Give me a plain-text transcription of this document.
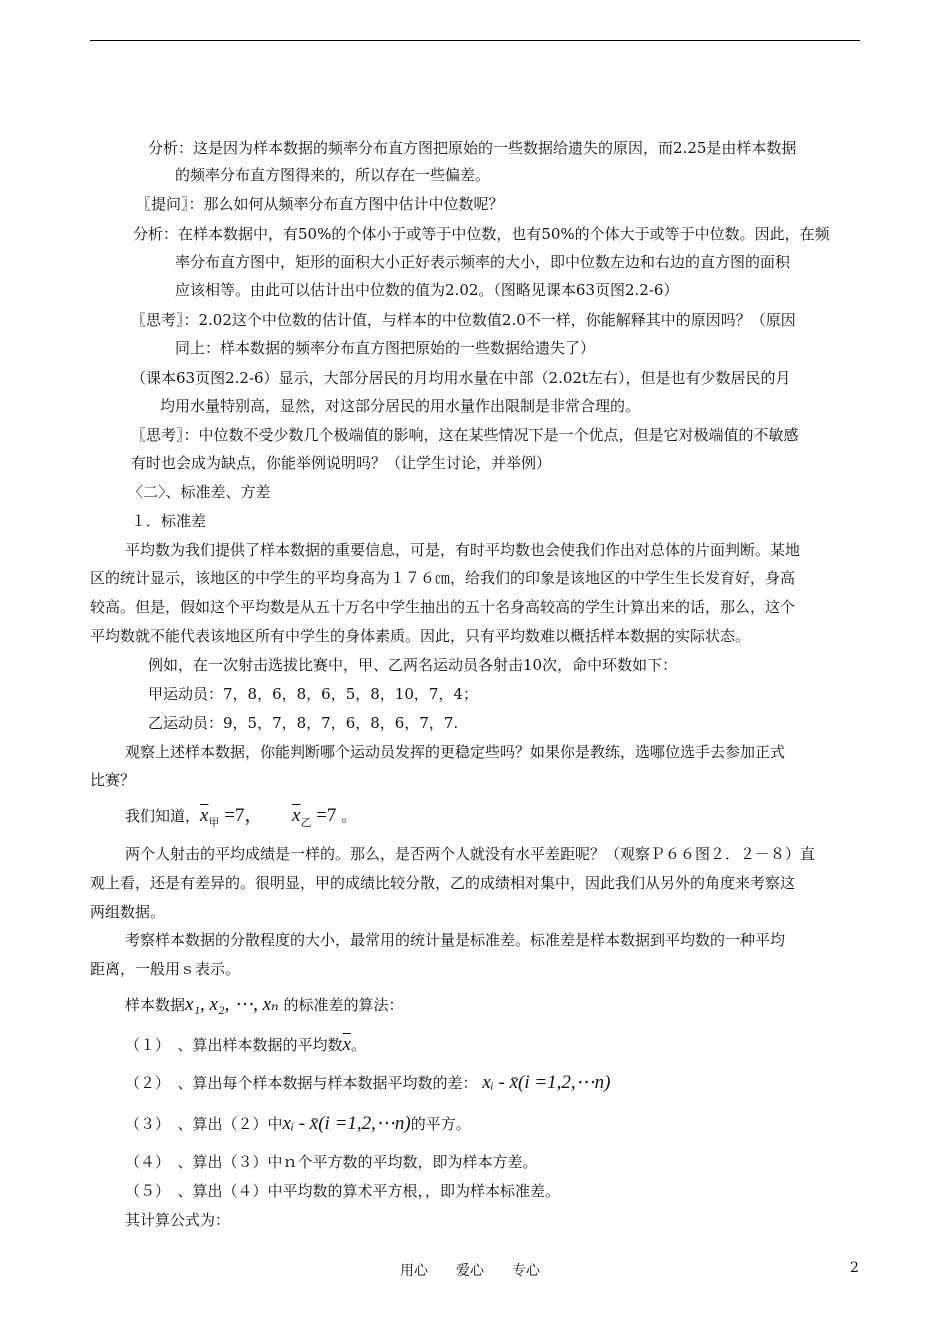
分析：这是因为样本数据的频率分布直方图把原始的一些数据给遗失的原因，而2.25是由样本数据
的频率分布直方图得来的，所以存在一些偏差。
〖提问〗：那么如何从频率分布直方图中估计中位数呢？
分析：在样本数据中，有50%的个体小于或等于中位数，也有50%的个体大于或等于中位数。因此，在频
率分布直方图中，矩形的面积大小正好表示频率的大小，即中位数左边和右边的直方图的面积
应该相等。由此可以估计出中位数的值为2.02。（图略见课本63页图2.2-6）
〖思考〗：2.02这个中位数的估计值，与样本的中位数值2.0不一样，你能解释其中的原因吗？（原因
同上：样本数据的频率分布直方图把原始的一些数据给遗失了）
（课本63页图2.2-6）显示，大部分居民的月均用水量在中部（2.02t左右），但是也有少数居民的月
均用水量特别高，显然，对这部分居民的用水量作出限制是非常合理的。
〖思考〗：中位数不受少数几个极端值的影响，这在某些情况下是一个优点，但是它对极端值的不敏感
有时也会成为缺点，你能举例说明吗？（让学生讨论，并举例）
〈二〉、标准差、方差
１．标准差
平均数为我们提供了样本数据的重要信息，可是，有时平均数也会使我们作出对总体的片面判断。某地
区的统计显示，该地区的中学生的平均身高为１７６㎝，给我们的印象是该地区的中学生生长发育好，身高
较高。但是，假如这个平均数是从五十万名中学生抽出的五十名身高较高的学生计算出来的话，那么，这个
平均数就不能代表该地区所有中学生的身体素质。因此，只有平均数难以概括样本数据的实际状态。
例如，在一次射击选拔比赛中，甲、乙两名运动员各射击10次，命中环数如下：
甲运动员：7，8，6，8，6，5，8，10，7，4；
乙运动员：9，5，7，8，7，6，8，6，7，7.
观察上述样本数据，你能判断哪个运动员发挥的更稳定些吗？如果你是教练，选哪位选手去参加正式
比赛？
我们知道，$\overline{x}_甲 =7$， $\overline{x}_乙 =7$ 。
两个人射击的平均成绩是一样的。那么，是否两个人就没有水平差距呢？（观察Ｐ６６图２．２－８）直
观上看，还是有差异的。很明显，甲的成绩比较分散，乙的成绩相对集中，因此我们从另外的角度来考察这
两组数据。
考察样本数据的分散程度的大小，最常用的统计量是标准差。标准差是样本数据到平均数的一种平均
距离，一般用ｓ表示。
样本数据x₁, x₂, ⋯, xₙ 的标准差的算法：
（１）　、算出样本数据的平均数$\overline{x}$。
（２）　、算出每个样本数据与样本数据平均数的差： xᵢ - x̄(i =1,2,⋯n)
（３）　、算出（２）中xᵢ - x̄(i =1,2,⋯n)的平方。
（４）　、算出（３）中ｎ个平方数的平均数，即为样本方差。
（５）　、算出（４）中平均数的算术平方根，，即为样本标准差。
其计算公式为：
用心　　爱心　　专心	2
